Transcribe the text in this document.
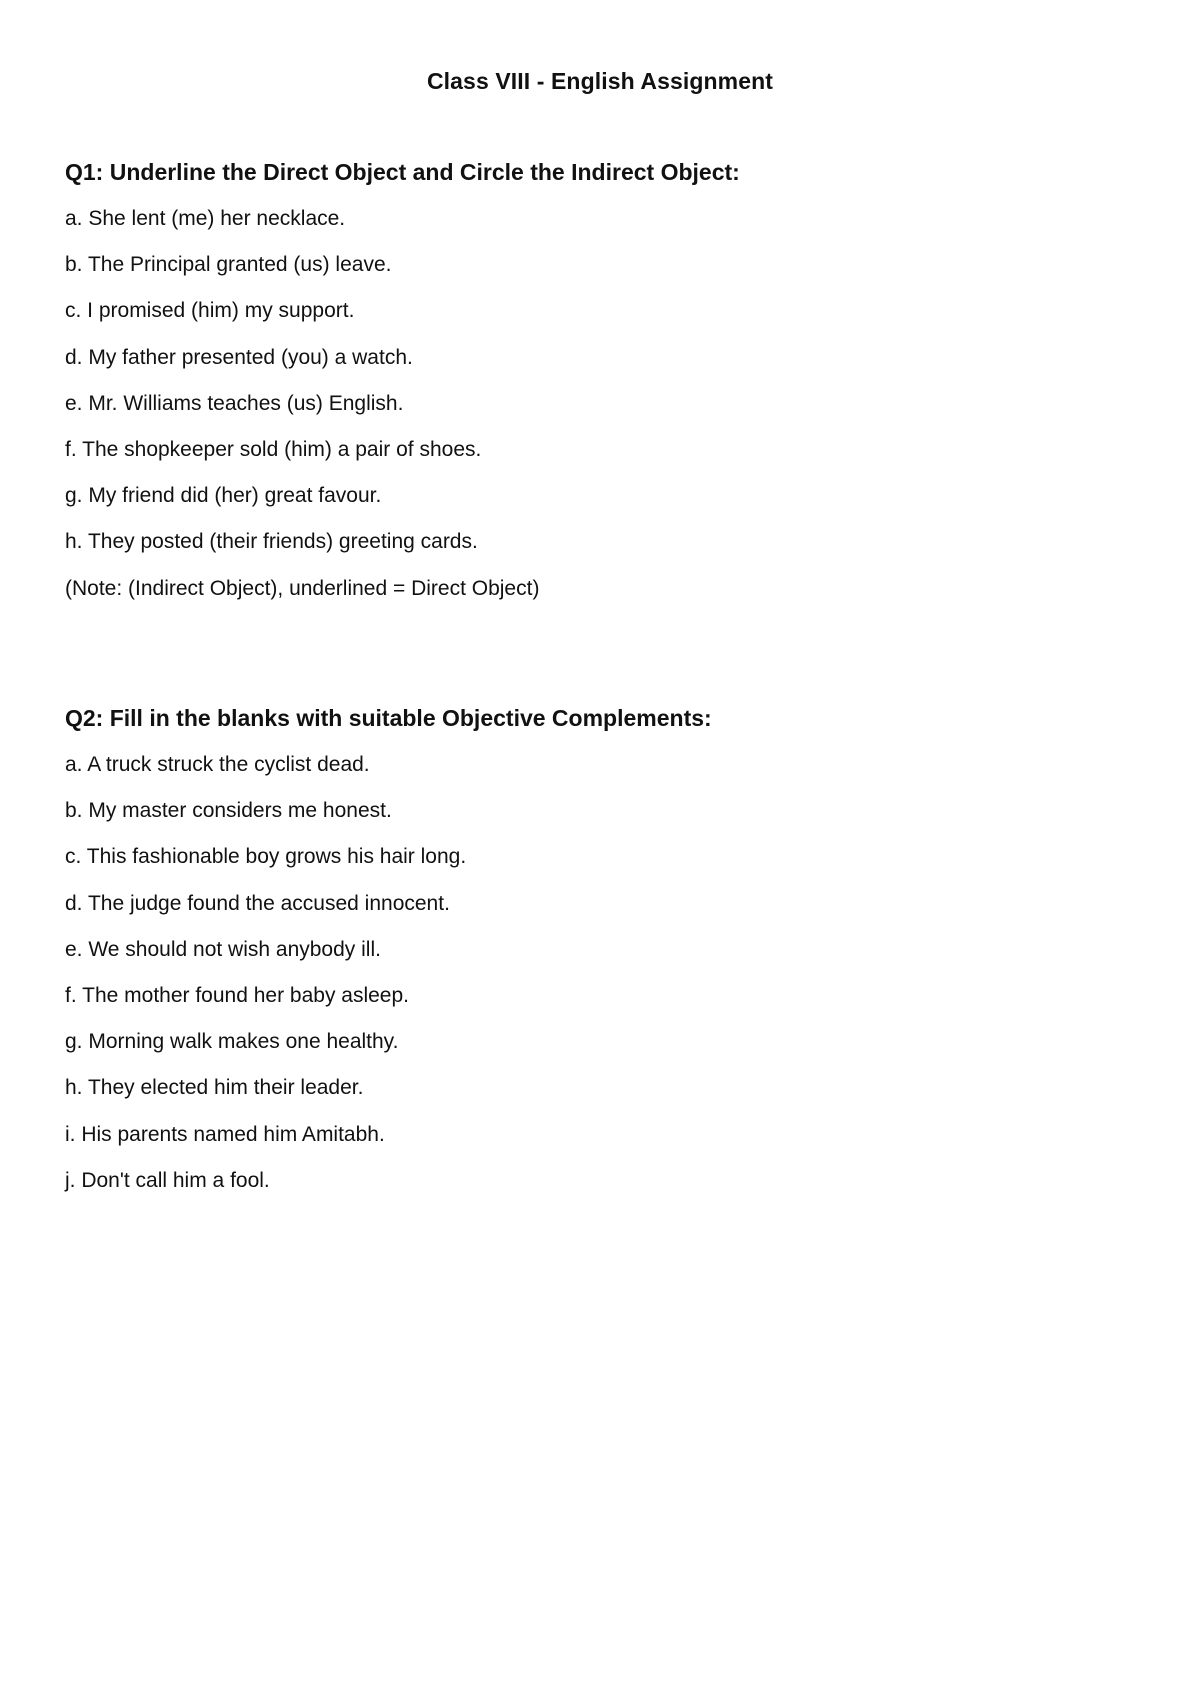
Class VIII - English Assignment
Q1: Underline the Direct Object and Circle the Indirect Object:
a. She lent (me) her necklace.
b. The Principal granted (us) leave.
c. I promised (him) my support.
d. My father presented (you) a watch.
e. Mr. Williams teaches (us) English.
f. The shopkeeper sold (him) a pair of shoes.
g. My friend did (her) great favour.
h. They posted (their friends) greeting cards.

(Note: (Indirect Object), underlined = Direct Object)

Q2: Fill in the blanks with suitable Objective Complements:
a. A truck struck the cyclist dead.
b. My master considers me honest.
c. This fashionable boy grows his hair long.
d. The judge found the accused innocent.
e. We should not wish anybody ill.
f. The mother found her baby asleep.
g. Morning walk makes one healthy.
h. They elected him their leader.
i. His parents named him Amitabh.
j. Don't call him a fool.
